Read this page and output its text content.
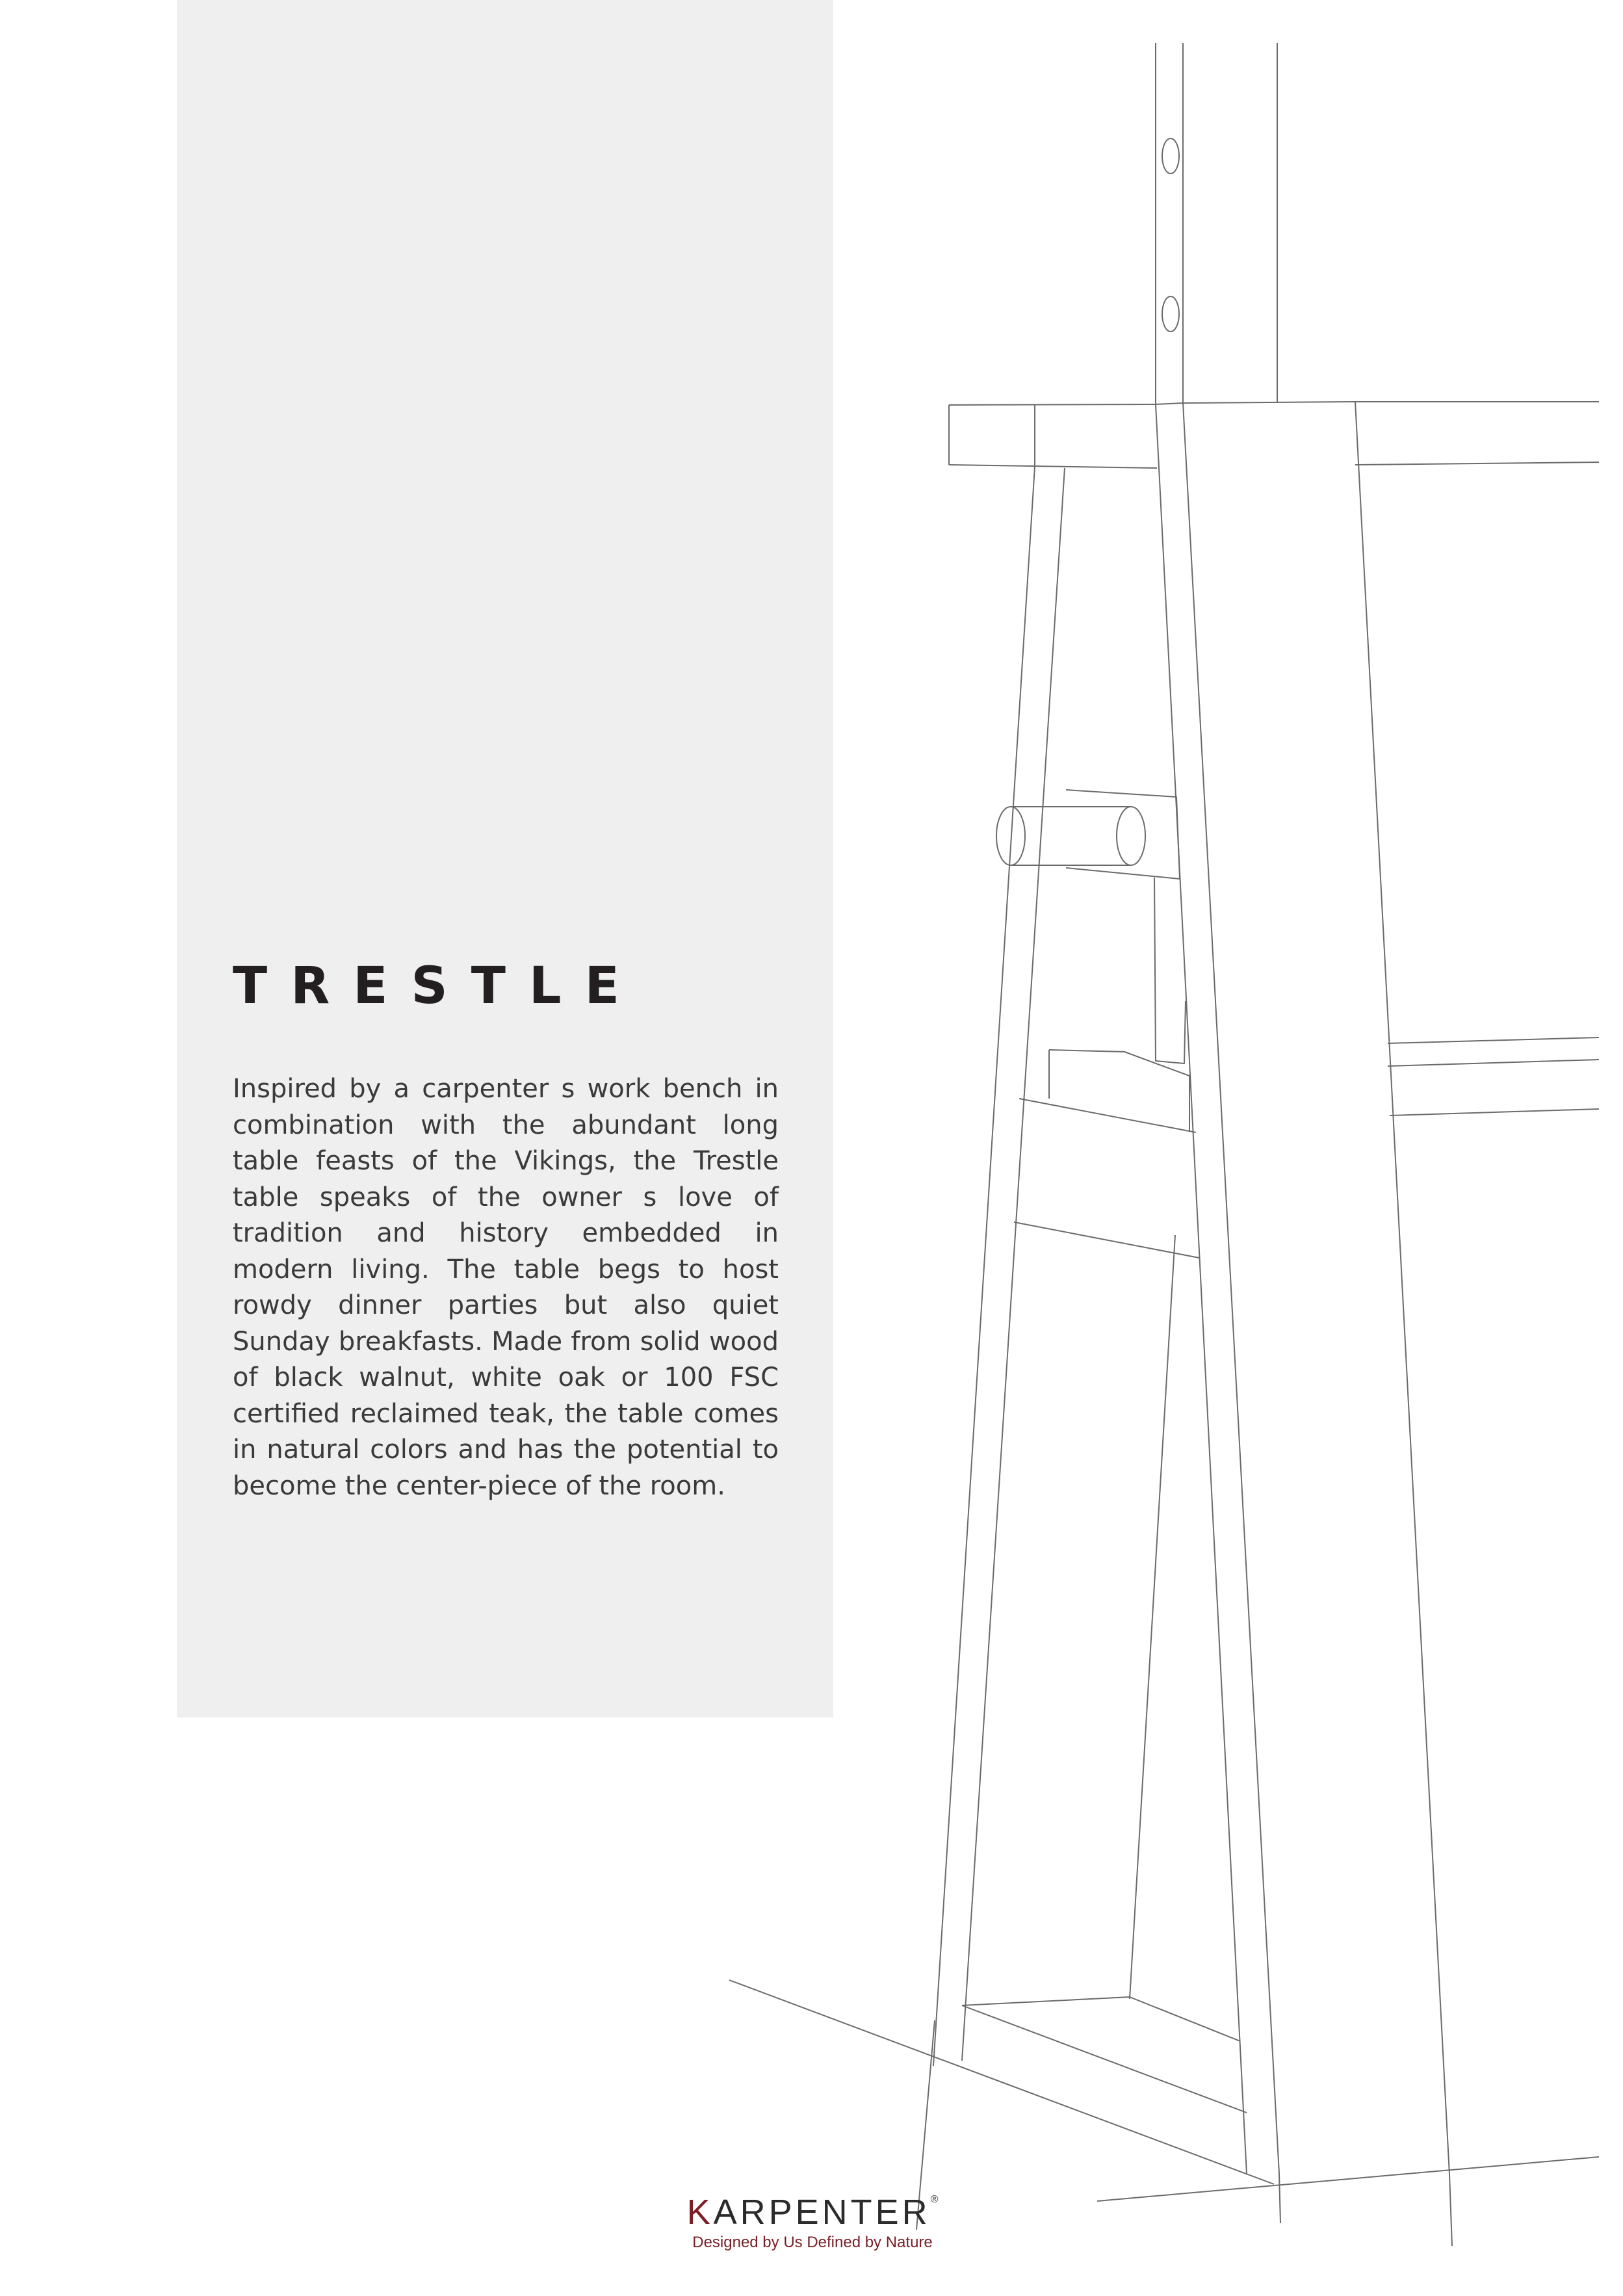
TRESTLE

Inspired by a carpenter s work bench in combination with the abundant long table feasts of the Vikings, the Trestle table speaks of the owner s love of tradition and history embedded in modern living. The table begs to host rowdy dinner parties but also quiet Sunday breakfasts. Made from solid wood of black walnut, white oak or 100 FSC certified reclaimed teak, the table comes in natural colors and has the potential to become the center-piece of the room.

KARPENTER®
Designed by Us Defined by Nature
